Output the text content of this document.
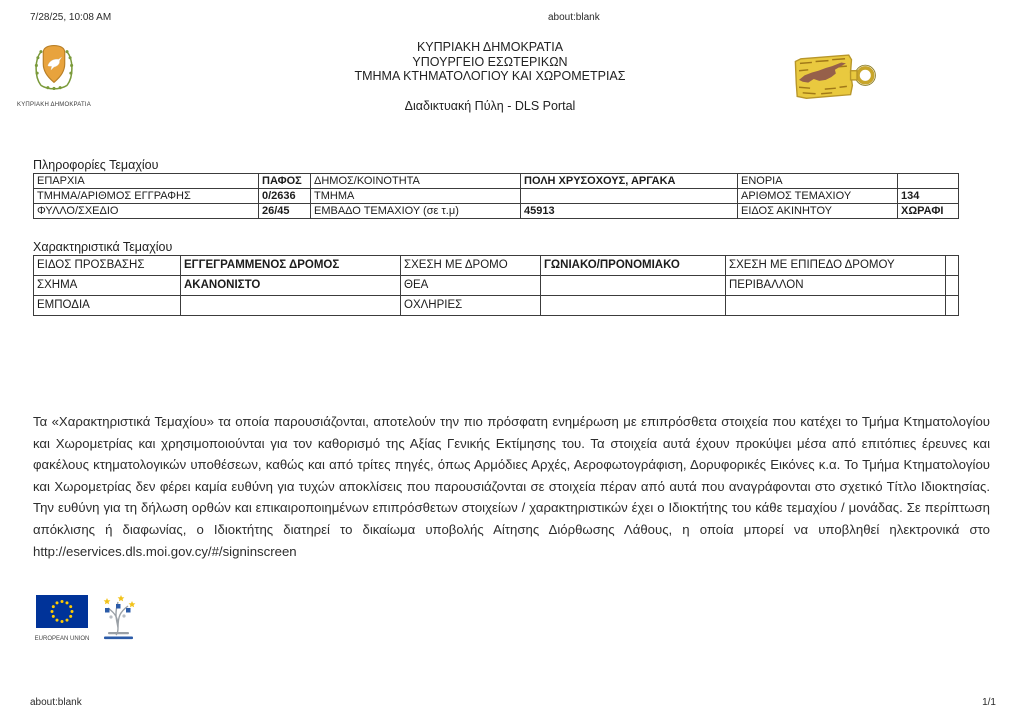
7/28/25, 10:08 AM	about:blank
ΚΥΠΡΙΑΚΗ ΔΗΜΟΚΡΑΤΙΑ
ΚΥΠΡΙΑΚΗ ΔΗΜΟΚΡΑΤΙΑ
ΥΠΟΥΡΓΕΙΟ ΕΣΩΤΕΡΙΚΩΝ
ΤΜΗΜΑ ΚΤΗΜΑΤΟΛΟΓΙΟΥ ΚΑΙ ΧΩΡΟΜΕΤΡΙΑΣ
Διαδικτυακή Πύλη - DLS Portal
Πληροφορίες Τεμαχίου
ΕΠΑΡΧΙΑ	ΠΑΦΟΣ	ΔΗΜΟΣ/ΚΟΙΝΟΤΗΤΑ	ΠΟΛΗ ΧΡΥΣΟΧΟΥΣ, ΑΡΓΑΚΑ	ΕΝΟΡΙΑ	
ΤΜΗΜΑ/ΑΡΙΘΜΟΣ ΕΓΓΡΑΦΗΣ	0/2636	ΤΜΗΜΑ		ΑΡΙΘΜΟΣ ΤΕΜΑΧΙΟΥ	134
ΦΥΛΛΟ/ΣΧΕΔΙΟ	26/45	ΕΜΒΑΔΟ ΤΕΜΑΧΙΟΥ (σε τ.μ)	45913	ΕΙΔΟΣ ΑΚΙΝΗΤΟΥ	ΧΩΡΑΦΙ
Χαρακτηριστικά Τεμαχίου
ΕΙΔΟΣ ΠΡΟΣΒΑΣΗΣ	ΕΓΓΕΓΡΑΜΜΕΝΟΣ ΔΡΟΜΟΣ	ΣΧΕΣΗ ΜΕ ΔΡΟΜΟ	ΓΩΝΙΑΚΟ/ΠΡΟΝΟΜΙΑΚΟ	ΣΧΕΣΗ ΜΕ ΕΠΙΠΕΔΟ ΔΡΟΜΟΥ	
ΣΧΗΜΑ	ΑΚΑΝΟΝΙΣΤΟ	ΘΕΑ		ΠΕΡΙΒΑΛΛΟΝ	
ΕΜΠΟΔΙΑ		ΟΧΛΗΡΙΕΣ			
Τα «Χαρακτηριστικά Τεμαχίου» τα οποία παρουσιάζονται, αποτελούν την πιο πρόσφατη ενημέρωση με επιπρόσθετα στοιχεία που κατέχει το Τμήμα Κτηματολογίου και Χωρομετρίας και χρησιμοποιούνται για τον καθορισμό της Αξίας Γενικής Εκτίμησης του. Τα στοιχεία αυτά έχουν προκύψει μέσα από επιτόπιες έρευνες και φακέλους κτηματολογικών υποθέσεων, καθώς και από τρίτες πηγές, όπως Αρμόδιες Αρχές, Αεροφωτογράφιση, Δορυφορικές Εικόνες κ.α. Το Τμήμα Κτηματολογίου και Χωρομετρίας δεν φέρει καμία ευθύνη για τυχών αποκλίσεις που παρουσιάζονται σε στοιχεία πέραν από αυτά που αναγράφονται στο σχετικό Τίτλο Ιδιοκτησίας. Την ευθύνη για τη δήλωση ορθών και επικαιροποιημένων επιπρόσθετων στοιχείων / χαρακτηριστικών έχει ο Ιδιοκτήτης του κάθε τεμαχίου / μονάδας. Σε περίπτωση απόκλισης ή διαφωνίας, ο Ιδιοκτήτης διατηρεί το δικαίωμα υποβολής Αίτησης Διόρθωσης Λάθους, η οποία μπορεί να υποβληθεί ηλεκτρονικά στο http://eservices.dls.moi.gov.cy/#/signinscreen
EUROPEAN UNION
about:blank	1/1
